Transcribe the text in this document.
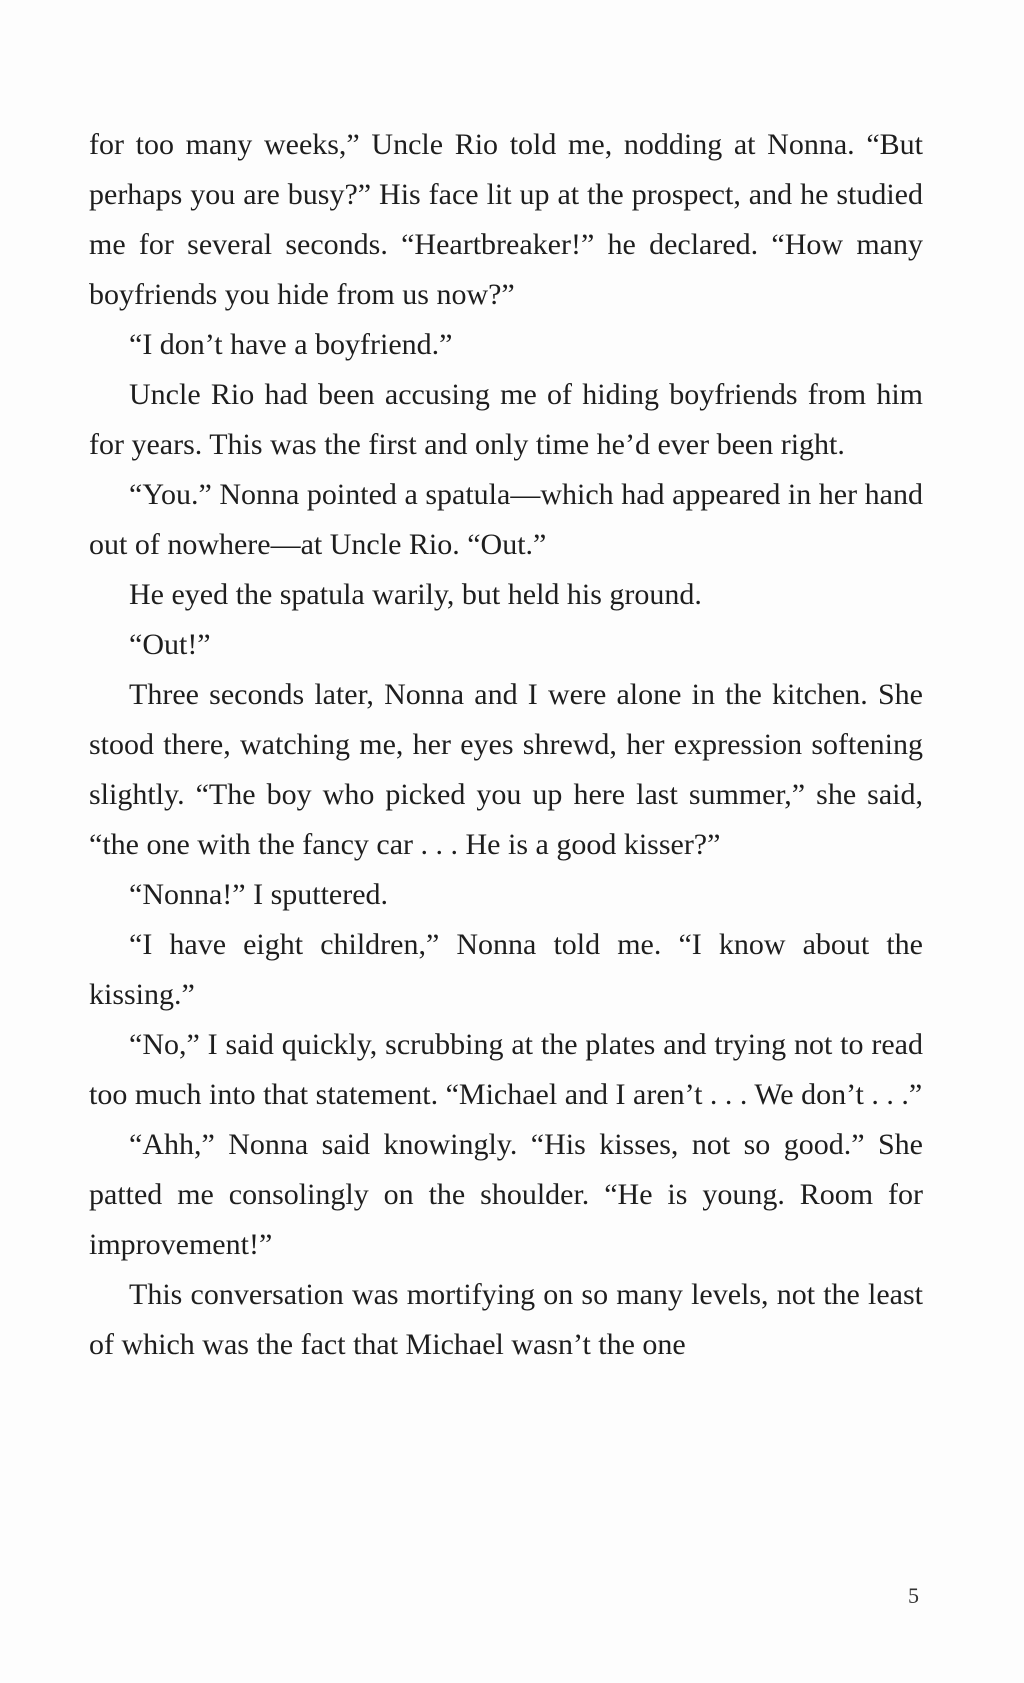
for too many weeks,” Uncle Rio told me, nodding at Nonna. “But perhaps you are busy?” His face lit up at the prospect, and he studied me for several seconds. “Heartbreaker!” he declared. “How many boyfriends you hide from us now?”

“I don’t have a boyfriend.”

Uncle Rio had been accusing me of hiding boyfriends from him for years. This was the first and only time he’d ever been right.

“You.” Nonna pointed a spatula—which had appeared in her hand out of nowhere—at Uncle Rio. “Out.”

He eyed the spatula warily, but held his ground.

“Out!”

Three seconds later, Nonna and I were alone in the kitchen. She stood there, watching me, her eyes shrewd, her expression softening slightly. “The boy who picked you up here last summer,” she said, “the one with the fancy car . . . He is a good kisser?”

“Nonna!” I sputtered.

“I have eight children,” Nonna told me. “I know about the kissing.”

“No,” I said quickly, scrubbing at the plates and trying not to read too much into that statement. “Michael and I aren’t . . . We don’t . . .”

“Ahh,” Nonna said knowingly. “His kisses, not so good.” She patted me consolingly on the shoulder. “He is young. Room for improvement!”

This conversation was mortifying on so many levels, not the least of which was the fact that Michael wasn’t the one

5
